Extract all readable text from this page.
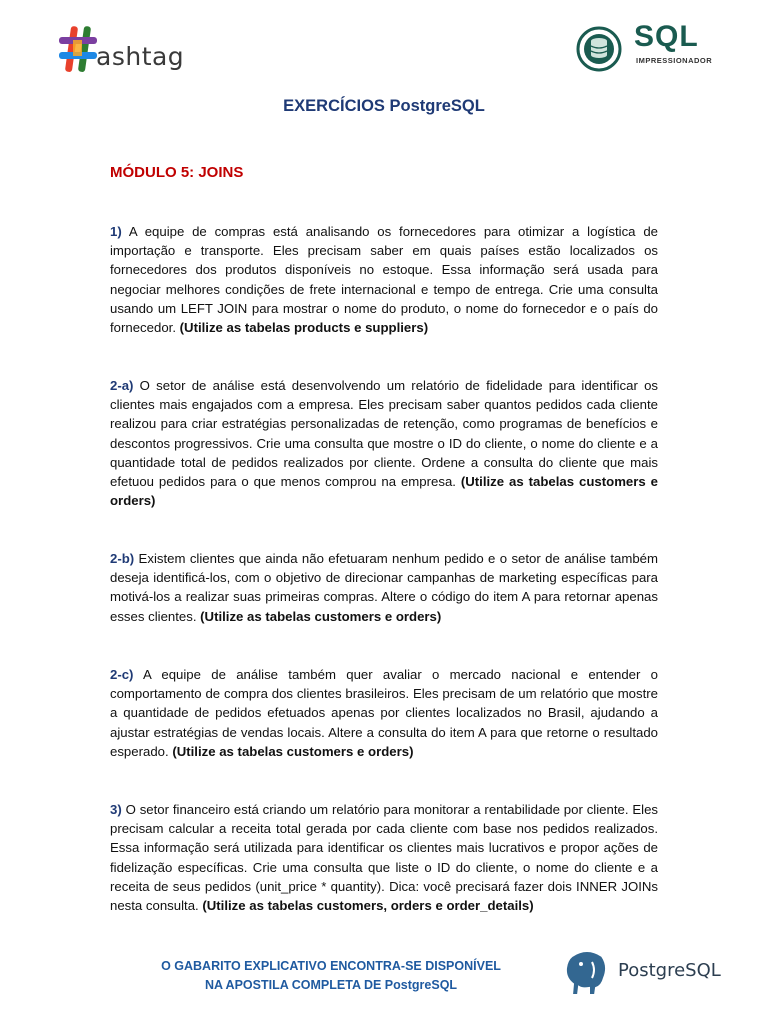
ashtag
SQL
IMPRESSIONADOR
EXERCÍCIOS PostgreSQL
MÓDULO 5: JOINS
1) A equipe de compras está analisando os fornecedores para otimizar a logística de importação e transporte. Eles precisam saber em quais países estão localizados os fornecedores dos produtos disponíveis no estoque. Essa informação será usada para negociar melhores condições de frete internacional e tempo de entrega. Crie uma consulta usando um LEFT JOIN para mostrar o nome do produto, o nome do fornecedor e o país do fornecedor. (Utilize as tabelas products e suppliers)
2-a) O setor de análise está desenvolvendo um relatório de fidelidade para identificar os clientes mais engajados com a empresa. Eles precisam saber quantos pedidos cada cliente realizou para criar estratégias personalizadas de retenção, como programas de benefícios e descontos progressivos. Crie uma consulta que mostre o ID do cliente, o nome do cliente e a quantidade total de pedidos realizados por cliente. Ordene a consulta do cliente que mais efetuou pedidos para o que menos comprou na empresa. (Utilize as tabelas customers e orders)
2-b) Existem clientes que ainda não efetuaram nenhum pedido e o setor de análise também deseja identificá-los, com o objetivo de direcionar campanhas de marketing específicas para motivá-los a realizar suas primeiras compras. Altere o código do item A para retornar apenas esses clientes. (Utilize as tabelas customers e orders)
2-c) A equipe de análise também quer avaliar o mercado nacional e entender o comportamento de compra dos clientes brasileiros. Eles precisam de um relatório que mostre a quantidade de pedidos efetuados apenas por clientes localizados no Brasil, ajudando a ajustar estratégias de vendas locais. Altere a consulta do item A para que retorne o resultado esperado. (Utilize as tabelas customers e orders)
3) O setor financeiro está criando um relatório para monitorar a rentabilidade por cliente. Eles precisam calcular a receita total gerada por cada cliente com base nos pedidos realizados. Essa informação será utilizada para identificar os clientes mais lucrativos e propor ações de fidelização específicas. Crie uma consulta que liste o ID do cliente, o nome do cliente e a receita de seus pedidos (unit_price * quantity). Dica: você precisará fazer dois INNER JOINs nesta consulta. (Utilize as tabelas customers, orders e order_details)
O GABARITO EXPLICATIVO ENCONTRA-SE DISPONÍVEL
NA APOSTILA COMPLETA DE PostgreSQL
PostgreSQL
